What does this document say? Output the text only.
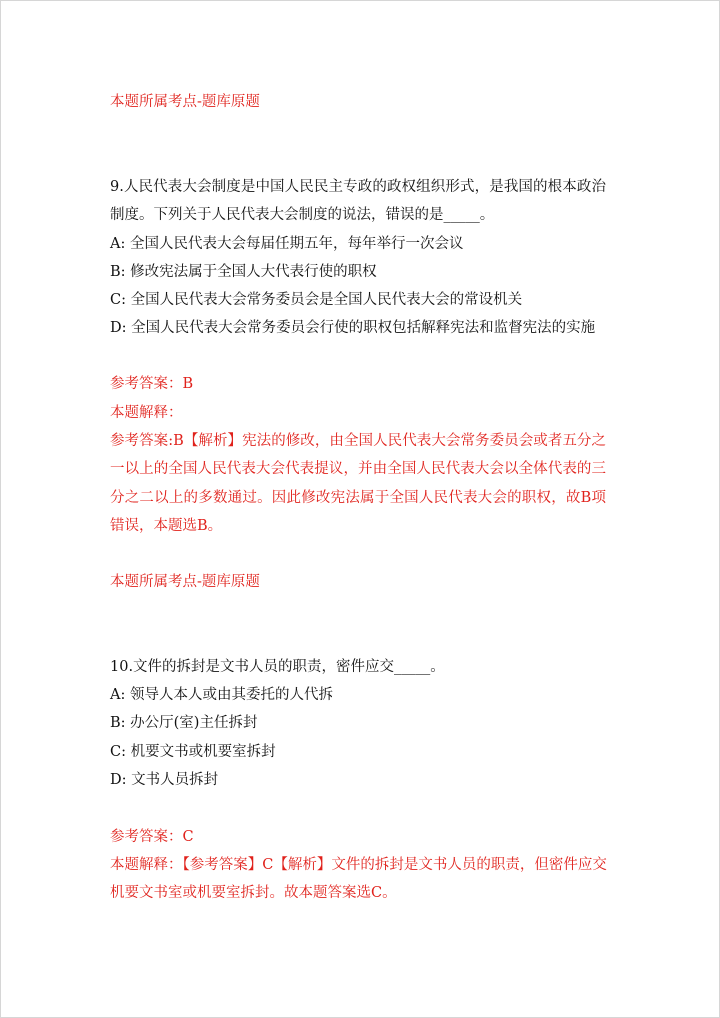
本题所属考点-题库原题
9.人民代表大会制度是中国人民民主专政的政权组织形式，是我国的根本政治
制度。下列关于人民代表大会制度的说法，错误的是_____。
A: 全国人民代表大会每届任期五年，每年举行一次会议
B: 修改宪法属于全国人大代表行使的职权
C: 全国人民代表大会常务委员会是全国人民代表大会的常设机关
D: 全国人民代表大会常务委员会行使的职权包括解释宪法和监督宪法的实施
参考答案：B
本题解释：
参考答案:B【解析】宪法的修改，由全国人民代表大会常务委员会或者五分之
一以上的全国人民代表大会代表提议，并由全国人民代表大会以全体代表的三
分之二以上的多数通过。因此修改宪法属于全国人民代表大会的职权，故B项
错误，本题选B。
本题所属考点-题库原题
10.文件的拆封是文书人员的职责，密件应交_____。
A: 领导人本人或由其委托的人代拆
B: 办公厅(室)主任拆封
C: 机要文书或机要室拆封
D: 文书人员拆封
参考答案：C
本题解释：【参考答案】C【解析】文件的拆封是文书人员的职责，但密件应交
机要文书室或机要室拆封。故本题答案选C。
